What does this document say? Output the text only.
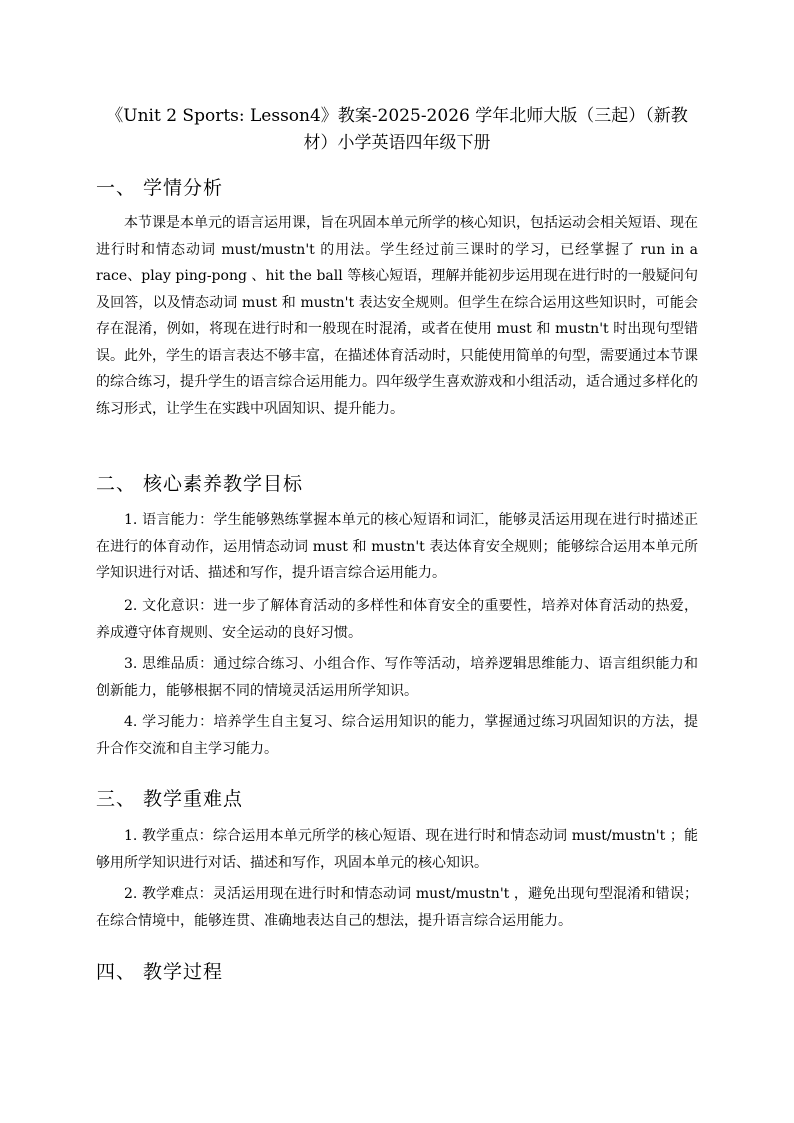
《Unit 2 Sports: Lesson4》教案-2025-2026 学年北师大版（三起）（新教材）小学英语四年级下册
一、 学情分析
本节课是本单元的语言运用课，旨在巩固本单元所学的核心知识，包括运动会相关短语、现在进行时和情态动词 must/mustn't 的用法。学生经过前三课时的学习，已经掌握了 run in a race、play ping-pong 、hit the ball 等核心短语，理解并能初步运用现在进行时的一般疑问句及回答，以及情态动词 must 和 mustn't 表达安全规则。但学生在综合运用这些知识时，可能会存在混淆，例如，将现在进行时和一般现在时混淆，或者在使用 must 和 mustn't 时出现句型错误。此外，学生的语言表达不够丰富，在描述体育活动时，只能使用简单的句型，需要通过本节课的综合练习，提升学生的语言综合运用能力。四年级学生喜欢游戏和小组活动，适合通过多样化的练习形式，让学生在实践中巩固知识、提升能力。
二、 核心素养教学目标
1. 语言能力：学生能够熟练掌握本单元的核心短语和词汇，能够灵活运用现在进行时描述正在进行的体育动作，运用情态动词 must 和 mustn't 表达体育安全规则；能够综合运用本单元所学知识进行对话、描述和写作，提升语言综合运用能力。
2. 文化意识：进一步了解体育活动的多样性和体育安全的重要性，培养对体育活动的热爱，养成遵守体育规则、安全运动的良好习惯。
3. 思维品质：通过综合练习、小组合作、写作等活动，培养逻辑思维能力、语言组织能力和创新能力，能够根据不同的情境灵活运用所学知识。
4. 学习能力：培养学生自主复习、综合运用知识的能力，掌握通过练习巩固知识的方法，提升合作交流和自主学习能力。
三、 教学重难点
1. 教学重点：综合运用本单元所学的核心短语、现在进行时和情态动词 must/mustn't ；能够用所学知识进行对话、描述和写作，巩固本单元的核心知识。
2. 教学难点：灵活运用现在进行时和情态动词 must/mustn't ，避免出现句型混淆和错误；在综合情境中，能够连贯、准确地表达自己的想法，提升语言综合运用能力。
四、 教学过程
